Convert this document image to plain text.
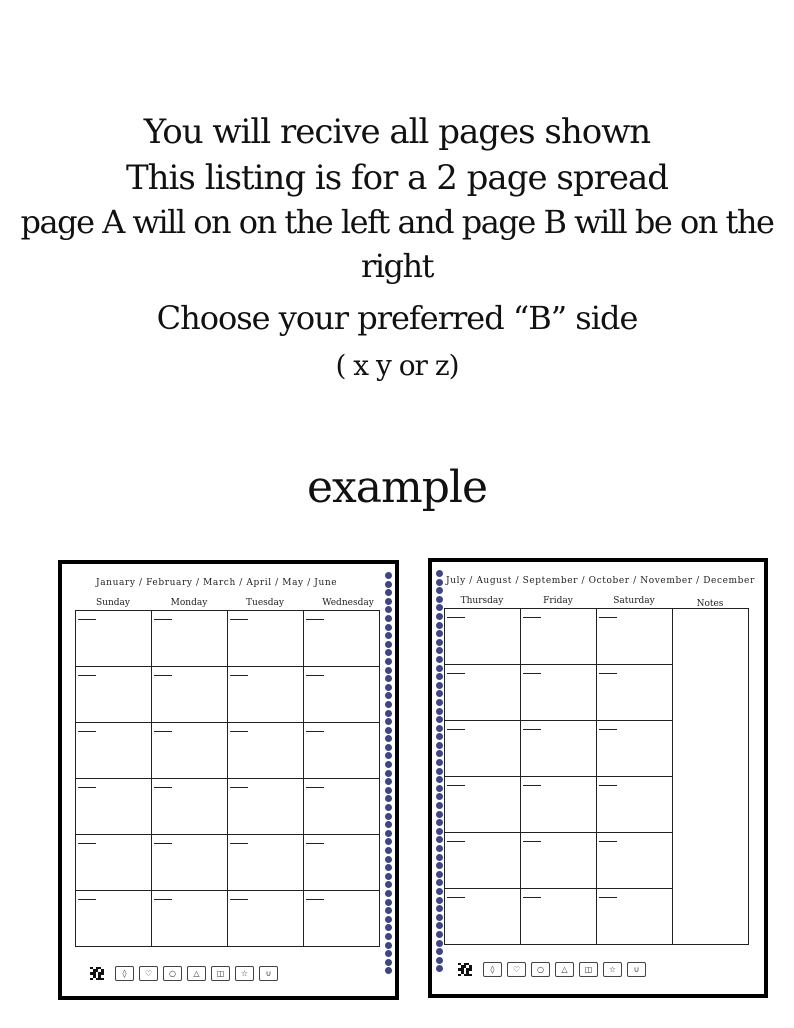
You will recive all pages shown
This listing is for a 2 page spread
page A will on on the left and page B will be on the right
Choose your preferred “B” side
( x y or z)
example
January / February / March / April / May / June
Sunday	Monday	Tuesday	Wednesday

◊	♡	○	△	◫	☆	∪
July / August / September / October / November / December
Thursday	Friday	Saturday	Notes

◊	♡	○	△	◫	☆	∪
